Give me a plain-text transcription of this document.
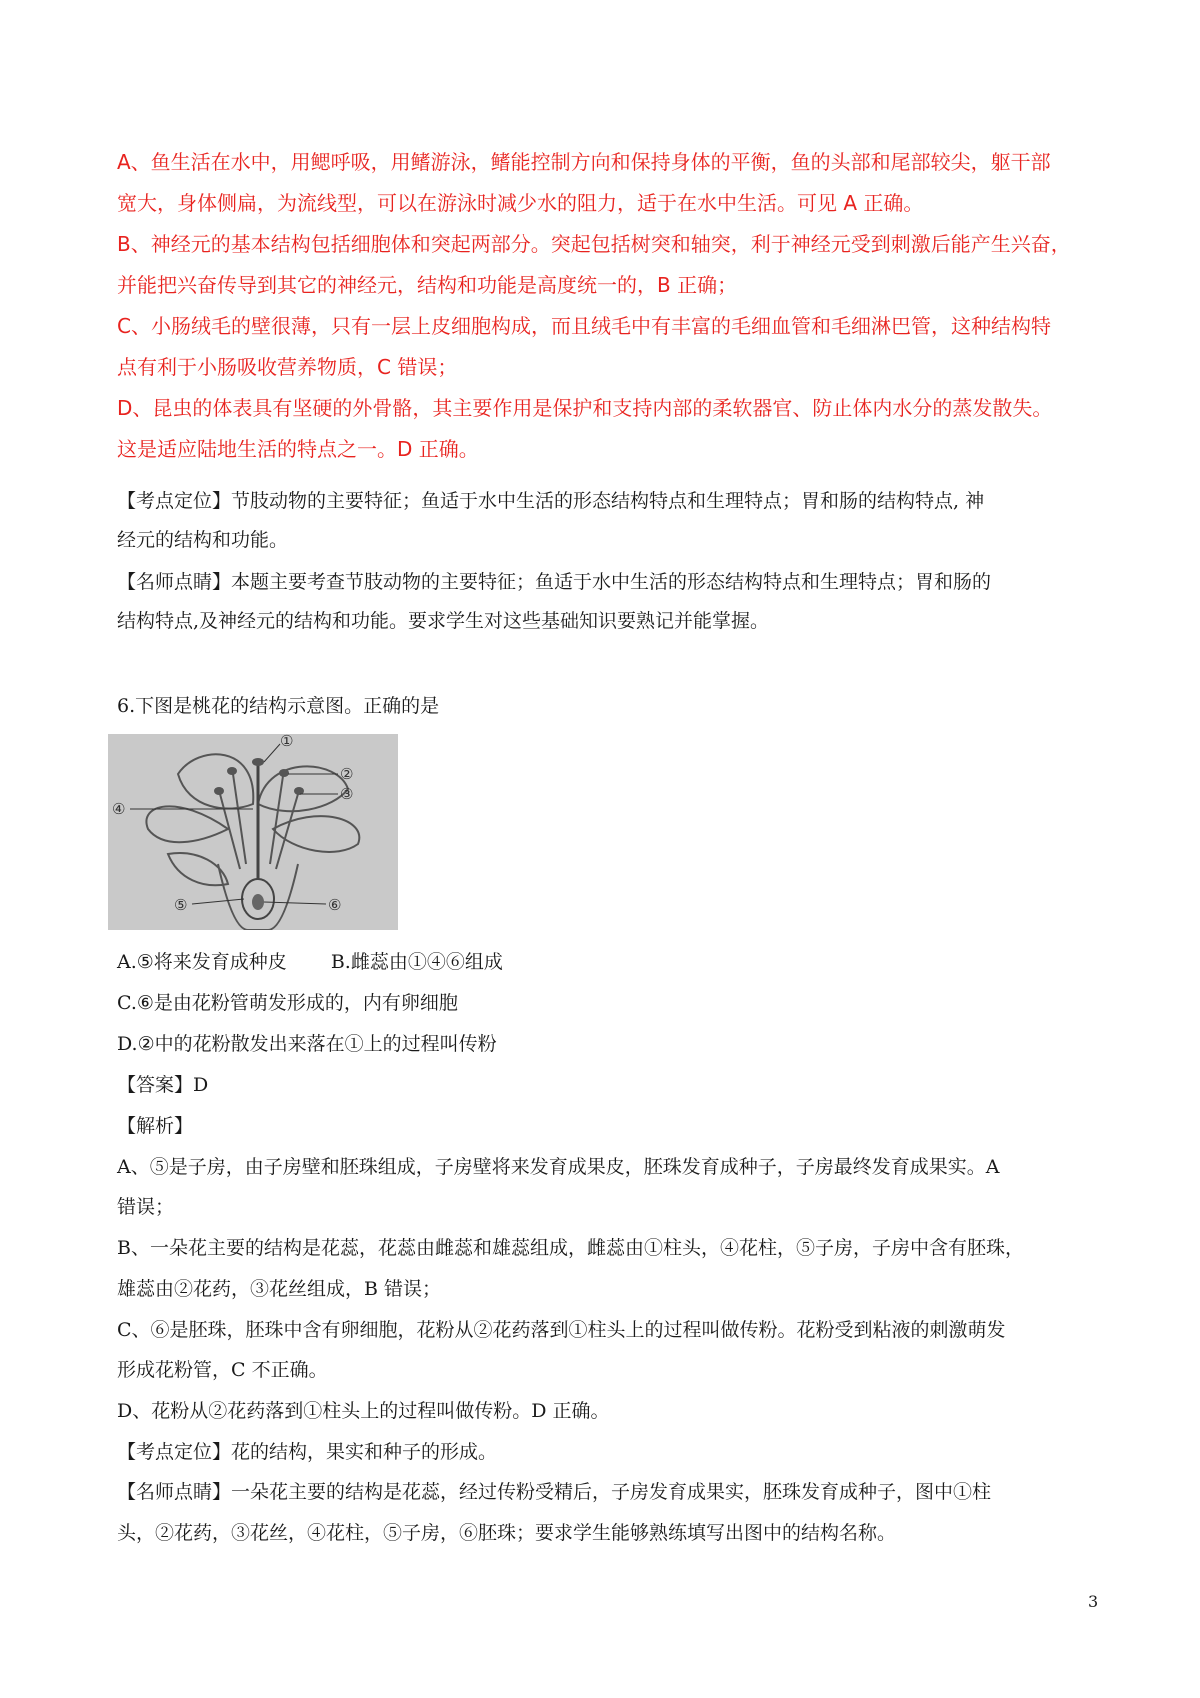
A、鱼生活在水中，用鳃呼吸，用鳍游泳，鳍能控制方向和保持身体的平衡，鱼的头部和尾部较尖，躯干部
宽大，身体侧扁，为流线型，可以在游泳时减少水的阻力，适于在水中生活。可见 A 正确。
B、神经元的基本结构包括细胞体和突起两部分。突起包括树突和轴突，利于神经元受到刺激后能产生兴奋，
并能把兴奋传导到其它的神经元，结构和功能是高度统一的，B 正确；
C、小肠绒毛的壁很薄，只有一层上皮细胞构成，而且绒毛中有丰富的毛细血管和毛细淋巴管，这种结构特
点有利于小肠吸收营养物质，C 错误；
D、昆虫的体表具有坚硬的外骨骼，其主要作用是保护和支持内部的柔软器官、防止体内水分的蒸发散失。
这是适应陆地生活的特点之一。D 正确。
【考点定位】节肢动物的主要特征；鱼适于水中生活的形态结构特点和生理特点；胃和肠的结构特点, 神
经元的结构和功能。
【名师点睛】本题主要考查节肢动物的主要特征；鱼适于水中生活的形态结构特点和生理特点；胃和肠的
结构特点,及神经元的结构和功能。要求学生对这些基础知识要熟记并能掌握。
6.下图是桃花的结构示意图。正确的是
①
②
③
④
⑤	⑥
A.⑤将来发育成种皮　　 B.雌蕊由①④⑥组成
C.⑥是由花粉管萌发形成的，内有卵细胞
D.②中的花粉散发出来落在①上的过程叫传粉
【答案】D
【解析】
A、⑤是子房，由子房壁和胚珠组成，子房壁将来发育成果皮，胚珠发育成种子，子房最终发育成果实。A
错误；
B、一朵花主要的结构是花蕊，花蕊由雌蕊和雄蕊组成，雌蕊由①柱头，④花柱，⑤子房，子房中含有胚珠，
雄蕊由②花药，③花丝组成，B 错误；
C、⑥是胚珠，胚珠中含有卵细胞，花粉从②花药落到①柱头上的过程叫做传粉。花粉受到粘液的刺激萌发
形成花粉管，C 不正确。
D、花粉从②花药落到①柱头上的过程叫做传粉。D 正确。
【考点定位】花的结构，果实和种子的形成。
【名师点睛】一朵花主要的结构是花蕊，经过传粉受精后，子房发育成果实，胚珠发育成种子，图中①柱
头，②花药，③花丝，④花柱，⑤子房，⑥胚珠；要求学生能够熟练填写出图中的结构名称。
3
